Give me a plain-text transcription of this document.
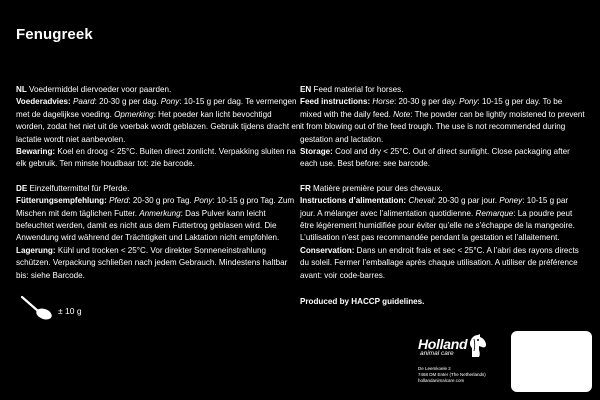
Fenugreek

NL Voedermiddel diervoeder voor paarden.

Voederadvies: Paard: 20-30 g per dag. Pony: 10-15 g per dag. Te vermengen met de dagelijkse voeding. Opmerking: Het poeder kan licht bevochtigd worden, zodat het niet uit de voerbak wordt geblazen. Gebruik tijdens dracht en lactatie wordt niet aanbevolen.

Bewaring: Koel en droog < 25°C. Buiten direct zonlicht. Verpakking sluiten na elk gebruik. Ten minste houdbaar tot: zie barcode.

DE Einzelfuttermittel für Pferde.

Fütterungsempfehlung: Pferd: 20-30 g pro Tag. Pony: 10-15 g pro Tag. Zum Mischen mit dem täglichen Futter. Anmerkung: Das Pulver kann leicht befeuchtet werden, damit es nicht aus dem Futtertrog geblasen wird. Die Anwendung wird während der Trächtigkeit und Laktation nicht empfohlen.

Lagerung: Kühl und trocken < 25°C. Vor direkter Sonneneinstrahlung schützen. Verpackung schließen nach jedem Gebrauch. Mindestens haltbar bis: siehe Barcode.

EN Feed material for horses.

Feed instructions: Horse: 20-30 g per day. Pony: 10-15 g per day. To be mixed with the daily feed. Note: The powder can be lightly moistened to prevent it from blowing out of the feed trough. The use is not recommended during gestation and lactation.

Storage: Cool and dry < 25°C. Out of direct sunlight. Close packaging after each use. Best before: see barcode.

FR Matière première pour des chevaux.

Instructions d’alimentation: Cheval: 20-30 g par jour. Poney: 10-15 g par jour. A mélanger avec l’alimentation quotidienne. Remarque: La poudre peut être légèrement humidifiée pour éviter qu’elle ne s’échappe de la mangeoire. L’utilisation n’est pas recommandée pendant la gestation et l’allaitement.

Conservation: Dans un endroit frais et sec < 25°C. A l’abri des rayons directs du soleil. Fermer l’emballage après chaque utilisation. A utiliser de préférence avant: voir code-barres.

± 10 g
Produced by HACCP guidelines.
Holland
animal care
De Leemkoele 2
7468 DM Enter (The Netherlands)
hollandanimalcare.com
